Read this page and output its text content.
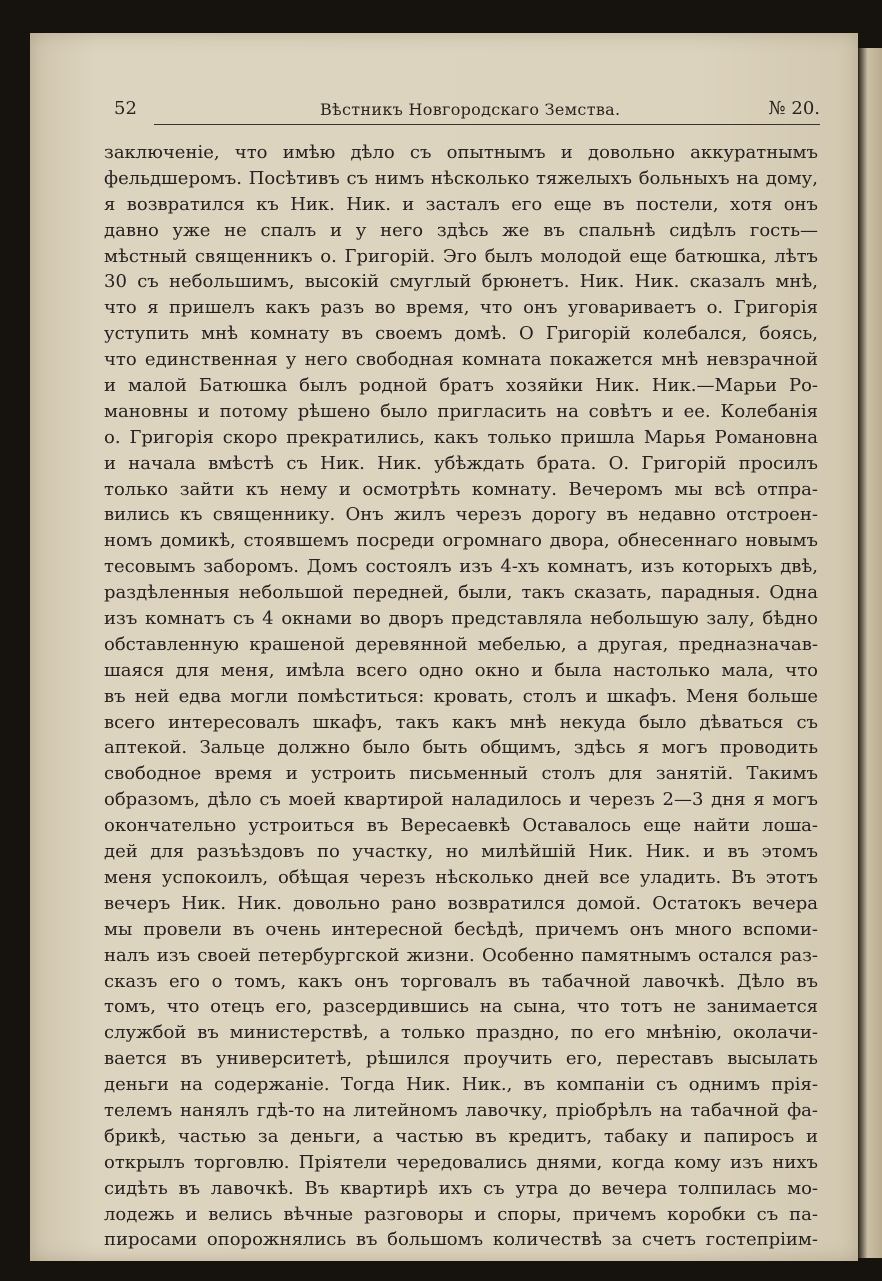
52	Вѣстникъ Новгородскаго Земства.	№ 20.
заключеніе, что имѣю дѣло съ опытнымъ и довольно аккуратнымъ
фельдшеромъ. Посѣтивъ съ нимъ нѣсколько тяжелыхъ больныхъ на дому,
я возвратился къ Ник. Ник. и засталъ его еще въ постели, хотя онъ
давно уже не спалъ и у него здѣсь же въ спальнѣ сидѣлъ гость—
мѣстный священникъ о. Григорій. Эго былъ молодой еще батюшка, лѣтъ
30 съ небольшимъ, высокій смуглый брюнетъ. Ник. Ник. сказалъ мнѣ,
что я пришелъ какъ разъ во время, что онъ уговариваетъ о. Григорія
уступить мнѣ комнату въ своемъ домѣ. О Григорій колебался, боясь,
что единственная у него свободная комната покажется мнѣ невзрачной
и малой Батюшка былъ родной братъ хозяйки Ник. Ник.—Марьи Ро-
мановны и потому рѣшено было пригласить на совѣтъ и ее. Колебанія
о. Григорія скоро прекратились, какъ только пришла Марья Романовна
и начала вмѣстѣ съ Ник. Ник. убѣждать брата. О. Григорій просилъ
только зайти къ нему и осмотрѣть комнату. Вечеромъ мы всѣ отпра-
вились къ священнику. Онъ жилъ черезъ дорогу въ недавно отстроен-
номъ домикѣ, стоявшемъ посреди огромнаго двора, обнесеннаго новымъ
тесовымъ заборомъ. Домъ состоялъ изъ 4-хъ комнатъ, изъ которыхъ двѣ,
раздѣленныя небольшой передней, были, такъ сказать, парадныя. Одна
изъ комнатъ съ 4 окнами во дворъ представляла небольшую залу, бѣдно
обставленную крашеной деревянной мебелью, а другая, предназначав-
шаяся для меня, имѣла всего одно окно и была настолько мала, что
въ ней едва могли помѣститься: кровать, столъ и шкафъ. Меня больше
всего интересовалъ шкафъ, такъ какъ мнѣ некуда было дѣваться съ
аптекой. Зальце должно было быть общимъ, здѣсь я могъ проводить
свободное время и устроить письменный столъ для занятій. Такимъ
образомъ, дѣло съ моей квартирой наладилось и черезъ 2—3 дня я могъ
окончательно устроиться въ Вересаевкѣ Оставалось еще найти лоша-
дей для разъѣздовъ по участку, но милѣйшій Ник. Ник. и въ этомъ
меня успокоилъ, обѣщая черезъ нѣсколько дней все уладить. Въ этотъ
вечеръ Ник. Ник. довольно рано возвратился домой. Остатокъ вечера
мы провели въ очень интересной бесѣдѣ, причемъ онъ много вспоми-
налъ изъ своей петербургской жизни. Особенно памятнымъ остался раз-
сказъ его о томъ, какъ онъ торговалъ въ табачной лавочкѣ. Дѣло въ
томъ, что отецъ его, разсердившись на сына, что тотъ не занимается
службой въ министерствѣ, а только праздно, по его мнѣнію, околачи-
вается въ университетѣ, рѣшился проучить его, переставъ высылать
деньги на содержаніе. Тогда Ник. Ник., въ компаніи съ однимъ прія-
телемъ нанялъ гдѣ-то на литейномъ лавочку, пріобрѣлъ на табачной фа-
брикѣ, частью за деньги, а частью въ кредитъ, табаку и папиросъ и
открылъ торговлю. Пріятели чередовались днями, когда кому изъ нихъ
сидѣть въ лавочкѣ. Въ квартирѣ ихъ съ утра до вечера толпилась мо-
лодежь и велись вѣчные разговоры и споры, причемъ коробки съ па-
пиросами опорожнялись въ большомъ количествѣ за счетъ гостепріим-
